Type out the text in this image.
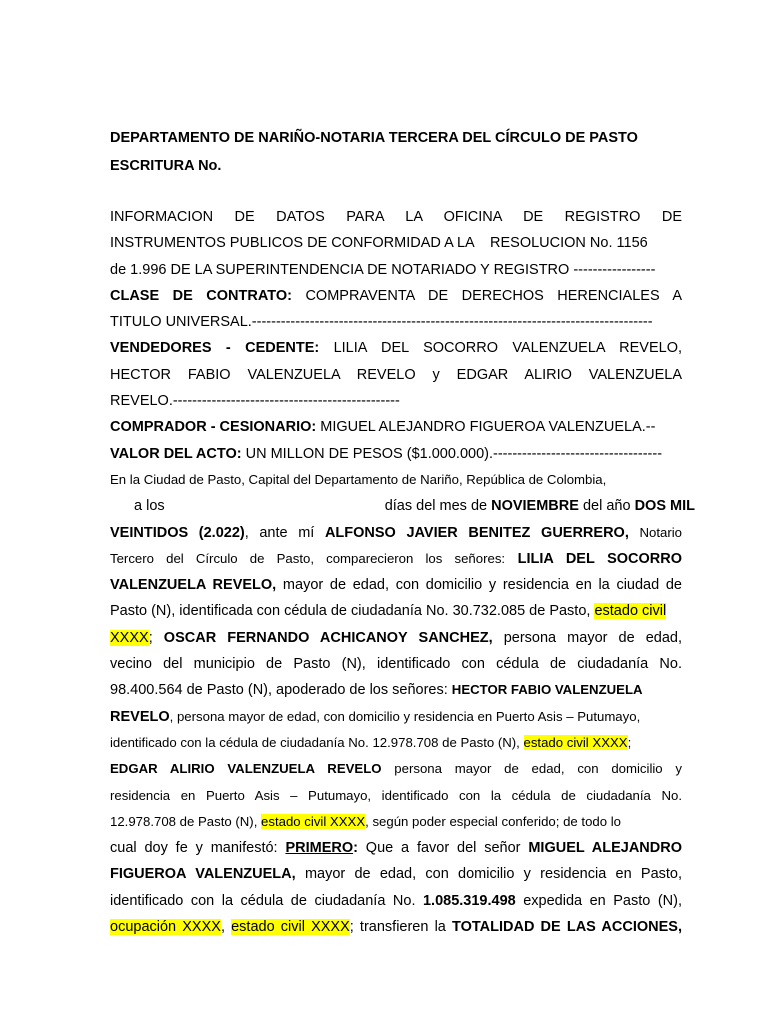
DEPARTAMENTO DE NARIÑO-NOTARIA TERCERA DEL CÍRCULO DE PASTO
ESCRITURA No.
INFORMACION DE DATOS PARA LA OFICINA DE REGISTRO DE
INSTRUMENTOS PUBLICOS DE CONFORMIDAD A LA    RESOLUCION No. 1156
de 1.996 DE LA SUPERINTENDENCIA DE NOTARIADO Y REGISTRO -----------------
CLASE DE CONTRATO: COMPRAVENTA DE DERECHOS HERENCIALES A
TITULO UNIVERSAL.-----------------------------------------------------------------------------------
VENDEDORES - CEDENTE: LILIA DEL SOCORRO VALENZUELA REVELO,
HECTOR FABIO VALENZUELA REVELO y EDGAR ALIRIO VALENZUELA
REVELO.-----------------------------------------------
COMPRADOR - CESIONARIO: MIGUEL ALEJANDRO FIGUEROA VALENZUELA.--
VALOR DEL ACTO: UN MILLON DE PESOS ($1.000.000).-----------------------------------
En la Ciudad de Pasto, Capital del Departamento de Nariño, República de Colombia,
a los	días del mes de NOVIEMBRE del año DOS MIL
VEINTIDOS (2.022), ante mí ALFONSO JAVIER BENITEZ GUERRERO, Notario
Tercero del Círculo de Pasto, comparecieron los señores: LILIA DEL SOCORRO
VALENZUELA REVELO, mayor de edad, con domicilio y residencia en la ciudad de
Pasto (N), identificada con cédula de ciudadanía No. 30.732.085 de Pasto, estado civil
XXXX; OSCAR FERNANDO ACHICANOY SANCHEZ, persona mayor de edad,
vecino del municipio de Pasto (N), identificado con cédula de ciudadanía No.
98.400.564 de Pasto (N), apoderado de los señores: HECTOR FABIO VALENZUELA
REVELO, persona mayor de edad, con domicilio y residencia en Puerto Asis – Putumayo,
identificado con la cédula de ciudadanía No. 12.978.708 de Pasto (N), estado civil XXXX;
EDGAR ALIRIO VALENZUELA REVELO persona mayor de edad, con domicilio y
residencia en Puerto Asis – Putumayo, identificado con la cédula de ciudadanía No.
12.978.708 de Pasto (N), estado civil XXXX, según poder especial conferido; de todo lo
cual doy fe y manifestó: PRIMERO: Que a favor del señor MIGUEL ALEJANDRO
FIGUEROA VALENZUELA, mayor de edad, con domicilio y residencia en Pasto,
identificado con la cédula de ciudadanía No. 1.085.319.498 expedida en Pasto (N),
ocupación XXXX, estado civil XXXX; transfieren la TOTALIDAD DE LAS ACCIONES,
